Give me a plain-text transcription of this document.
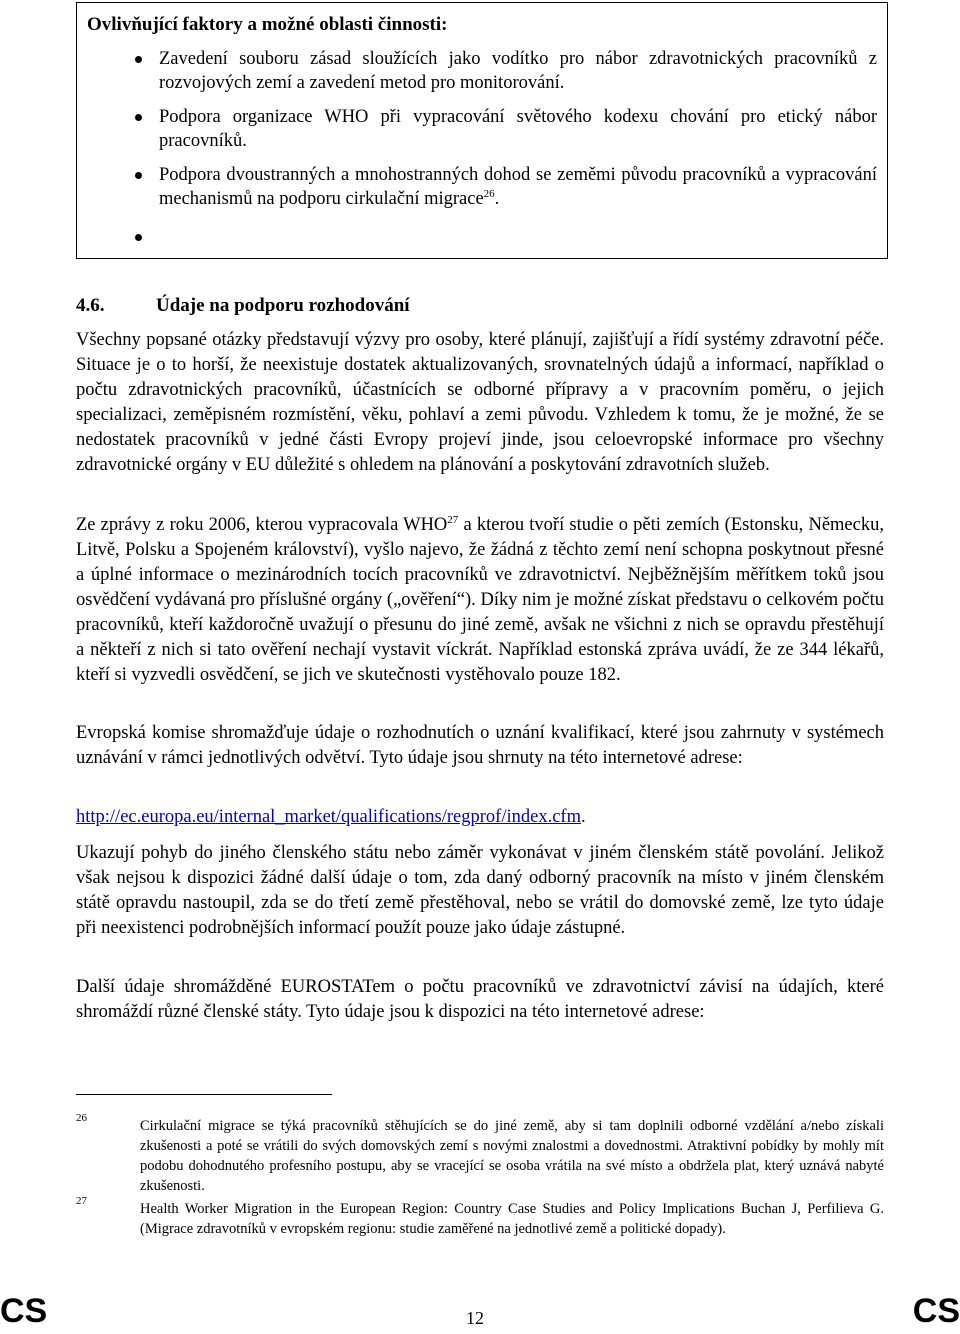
Ovlivňující faktory a možné oblasti činnosti:
Zavedení souboru zásad sloužících jako vodítko pro nábor zdravotnických pracovníků z rozvojových zemí a zavedení metod pro monitorování.
Podpora organizace WHO při vypracování světového kodexu chování pro etický nábor pracovníků.
Podpora dvoustranných a mnohostranných dohod se zeměmi původu pracovníků a vypracování mechanismů na podporu cirkulační migrace$^{26}$.
4.6.	Údaje na podporu rozhodování

Všechny popsané otázky představují výzvy pro osoby, které plánují, zajišťují a řídí systémy zdravotní péče. Situace je o to horší, že neexistuje dostatek aktualizovaných, srovnatelných údajů a informací, například o počtu zdravotnických pracovníků, účastnících se odborné přípravy a v pracovním poměru, o jejich specializaci, zeměpisném rozmístění, věku, pohlaví a zemi původu. Vzhledem k tomu, že je možné, že se nedostatek pracovníků v jedné části Evropy projeví jinde, jsou celoevropské informace pro všechny zdravotnické orgány v EU důležité s ohledem na plánování a poskytování zdravotních služeb.

Ze zprávy z roku 2006, kterou vypracovala WHO$^{27}$ a kterou tvoří studie o pěti zemích (Estonsku, Německu, Litvě, Polsku a Spojeném království), vyšlo najevo, že žádná z těchto zemí není schopna poskytnout přesné a úplné informace o mezinárodních tocích pracovníků ve zdravotnictví. Nejběžnějším měřítkem toků jsou osvědčení vydávaná pro příslušné orgány („ověření“). Díky nim je možné získat představu o celkovém počtu pracovníků, kteří každoročně uvažují o přesunu do jiné země, avšak ne všichni z nich se opravdu přestěhují a někteří z nich si tato ověření nechají vystavit víckrát. Například estonská zpráva uvádí, že ze 344 lékařů, kteří si vyzvedli osvědčení, se jich ve skutečnosti vystěhovalo pouze 182.

Evropská komise shromažďuje údaje o rozhodnutích o uznání kvalifikací, které jsou zahrnuty v systémech uznávání v rámci jednotlivých odvětví. Tyto údaje jsou shrnuty na této internetové adrese:

http://ec.europa.eu/internal_market/qualifications/regprof/index.cfm.

Ukazují pohyb do jiného členského státu nebo záměr vykonávat v jiném členském státě povolání. Jelikož však nejsou k dispozici žádné další údaje o tom, zda daný odborný pracovník na místo v jiném členském státě opravdu nastoupil, zda se do třetí země přestěhoval, nebo se vrátil do domovské země, lze tyto údaje při neexistenci podrobnějších informací použít pouze jako údaje zástupné.

Další údaje shromážděné EUROSTATem o počtu pracovníků ve zdravotnictví závisí na údajích, které shromáždí různé členské státy. Tyto údaje jsou k dispozici na této internetové adrese:

26	Cirkulační migrace se týká pracovníků stěhujících se do jiné země, aby si tam doplnili odborné vzdělání a/nebo získali zkušenosti a poté se vrátili do svých domovských zemí s novými znalostmi a dovednostmi. Atraktivní pobídky by mohly mít podobu dohodnutého profesního postupu, aby se vracející se osoba vrátila na své místo a obdržela plat, který uznává nabyté zkušenosti.
27	Health Worker Migration in the European Region: Country Case Studies and Policy Implications Buchan J, Perfilieva G. (Migrace zdravotníků v evropském regionu: studie zaměřené na jednotlivé země a politické dopady).
CS	12	CS
